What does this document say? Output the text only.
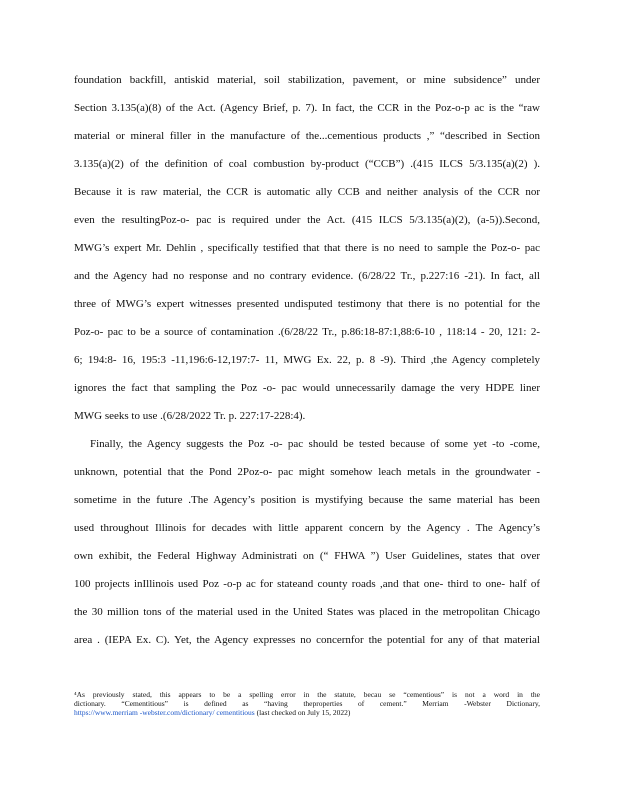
foundation backfill, antiskid material, soil stabilization, pavement, or mine subsidence” under
Section 3.135(a)(8) of the Act. (Agency Brief, p. 7). In fact, the CCR in the Poz-o-p ac is the “raw
material or mineral filler in the manufacture of the...cementious products ,” “described in Section
3.135(a)(2) of the definition of coal combustion by-product (“CCB”) .(415 ILCS 5/3.135(a)(2) ).
Because it is raw material, the CCR is automatic ally CCB and neither analysis of the CCR nor
even the resultingPoz-o- pac is required under the Act. (415 ILCS 5/3.135(a)(2), (a-5)).Second,
MWG’s expert Mr. Dehlin , specifically testified that that there is no need to sample the Poz-o- pac
and the Agency had no response and no contrary evidence. (6/28/22 Tr., p.227:16 -21). In fact, all
three of MWG’s expert witnesses presented undisputed testimony that there is no potential for the
Poz-o- pac to be a source of contamination .(6/28/22 Tr., p.86:18-87:1,88:6-10 , 118:14 - 20, 121: 2-
6; 194:8- 16, 195:3 -11,196:6-12,197:7- 11, MWG Ex. 22, p. 8 -9). Third ,the Agency completely
ignores the fact that sampling the Poz -o- pac would unnecessarily damage the very HDPE liner
MWG seeks to use .(6/28/2022 Tr. p. 227:17-228:4).
Finally, the Agency suggests the Poz -o- pac should be tested because of some yet -to -come,
unknown, potential that the Pond 2Poz-o- pac might somehow leach metals in the groundwater -
sometime in the future .The Agency’s position is mystifying because the same material has been
used throughout Illinois for decades with little apparent concern by the Agency . The Agency’s
own exhibit, the Federal Highway Administrati on (“ FHWA ”) User Guidelines, states that over
100 projects inIllinois used Poz -o-p ac for stateand county roads ,and that one- third to one- half of
the 30 million tons of the material used in the United States was placed in the metropolitan Chicago
area . (IEPA Ex. C). Yet, the Agency expresses no concernfor the potential for any of that material
⁴As previously stated, this appears to be a spelling error in the statute, becau se “cementious” is not a word in the
dictionary. “Cementitious” is defined as “having theproperties of cement.” Merriam -Webster Dictionary,
https://www.merriam -webster.com/dictionary/ cementitious (last checked on July 15, 2022)
